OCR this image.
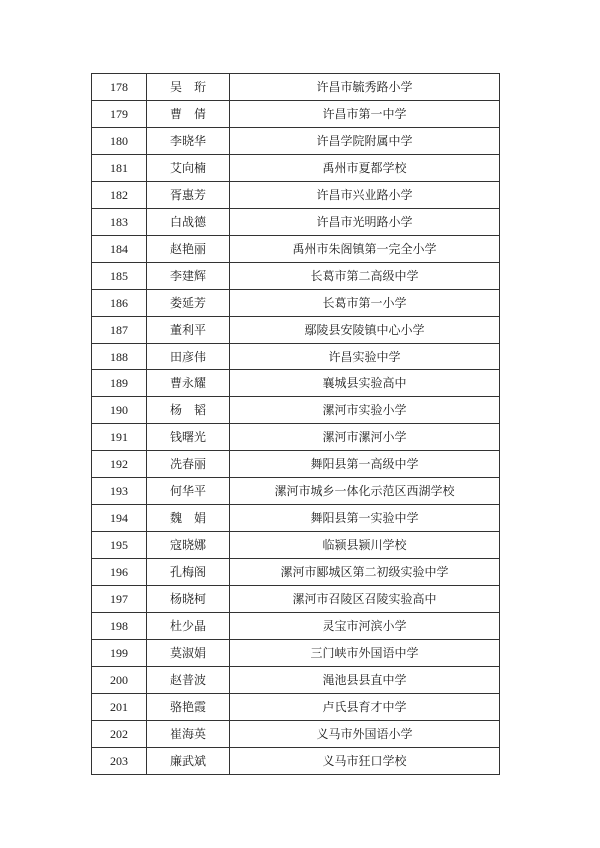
178	吴　珩	许昌市毓秀路小学
179	曹　倩	许昌市第一中学
180	李晓华	许昌学院附属中学
181	艾向楠	禹州市夏都学校
182	胥惠芳	许昌市兴业路小学
183	白战德	许昌市光明路小学
184	赵艳丽	禹州市朱阁镇第一完全小学
185	李建辉	长葛市第二高级中学
186	娄延芳	长葛市第一小学
187	董利平	鄢陵县安陵镇中心小学
188	田彦伟	许昌实验中学
189	曹永耀	襄城县实验高中
190	杨　韬	漯河市实验小学
191	钱曙光	漯河市漯河小学
192	冼春丽	舞阳县第一高级中学
193	何华平	漯河市城乡一体化示范区西湖学校
194	魏　娟	舞阳县第一实验中学
195	寇晓娜	临颍县颍川学校
196	孔梅阁	漯河市郾城区第二初级实验中学
197	杨晓柯	漯河市召陵区召陵实验高中
198	杜少晶	灵宝市河滨小学
199	莫淑娟	三门峡市外国语中学
200	赵普波	渑池县县直中学
201	骆艳霞	卢氏县育才中学
202	崔海英	义马市外国语小学
203	廉武斌	义马市狂口学校
